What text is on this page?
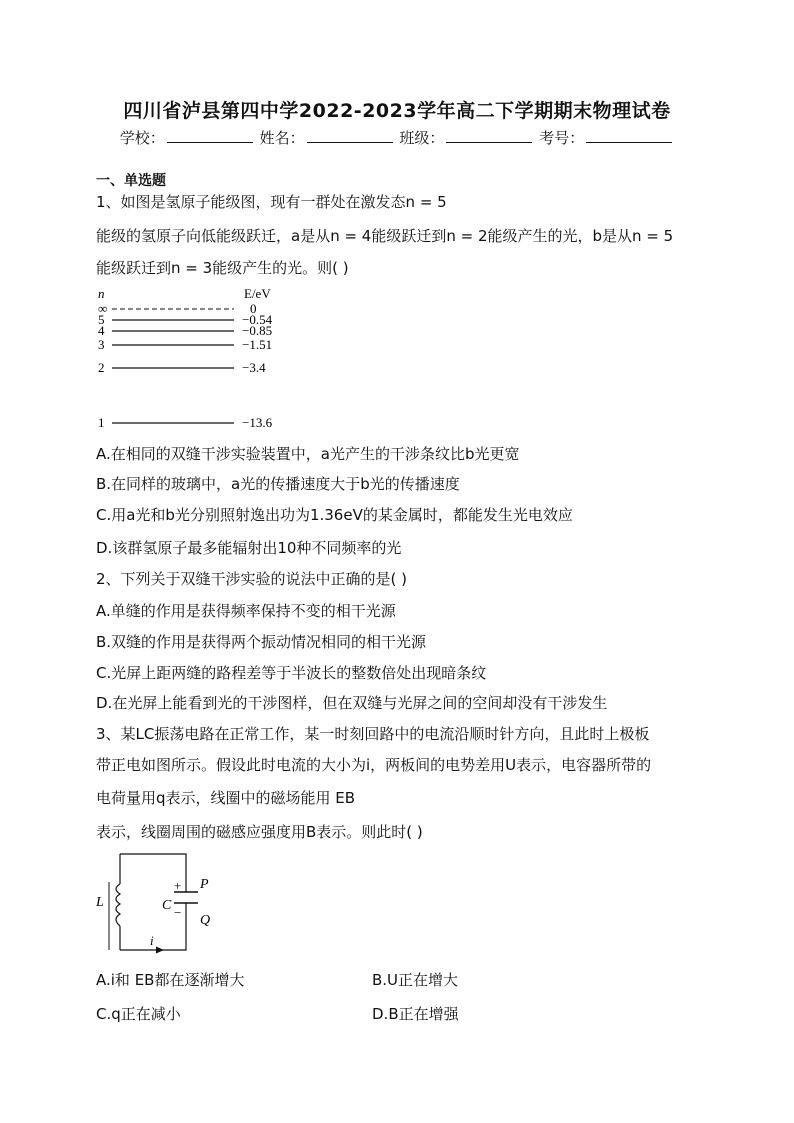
四川省泸县第四中学2022-2023学年高二下学期期末物理试卷
学校：	姓名：	班级：	考号：
一、单选题
1、如图是氢原子能级图，现有一群处在激发态n = 5
能级的氢原子向低能级跃迁，a是从n = 4能级跃迁到n = 2能级产生的光，b是从n = 5
能级跃迁到n = 3能级产生的光。则( )
n	E/eV
∞
5
4
3
2
1
0
−0.54
−0.85
−1.51
−3.4
−13.6
A.在相同的双缝干涉实验装置中，a光产生的干涉条纹比b光更宽
B.在同样的玻璃中，a光的传播速度大于b光的传播速度
C.用a光和b光分别照射逸出功为1.36eV的某金属时，都能发生光电效应
D.该群氢原子最多能辐射出10种不同频率的光
2、下列关于双缝干涉实验的说法中正确的是( )
A.单缝的作用是获得频率保持不变的相干光源
B.双缝的作用是获得两个振动情况相同的相干光源
C.光屏上距两缝的路程差等于半波长的整数倍处出现暗条纹
D.在光屏上能看到光的干涉图样，但在双缝与光屏之间的空间却没有干涉发生
3、某LC振荡电路在正常工作，某一时刻回路中的电流沿顺时针方向，且此时上极板
带正电如图所示。假设此时电流的大小为i，两板间的电势差用U表示，电容器所带的
电荷量用q表示，线圈中的磁场能用 EB
表示，线圈周围的磁感应强度用B表示。则此时( )
L	C
+
−
P
Q
i
A.i和 EB都在逐渐增大	B.U正在增大
C.q正在减小	D.B正在增强
